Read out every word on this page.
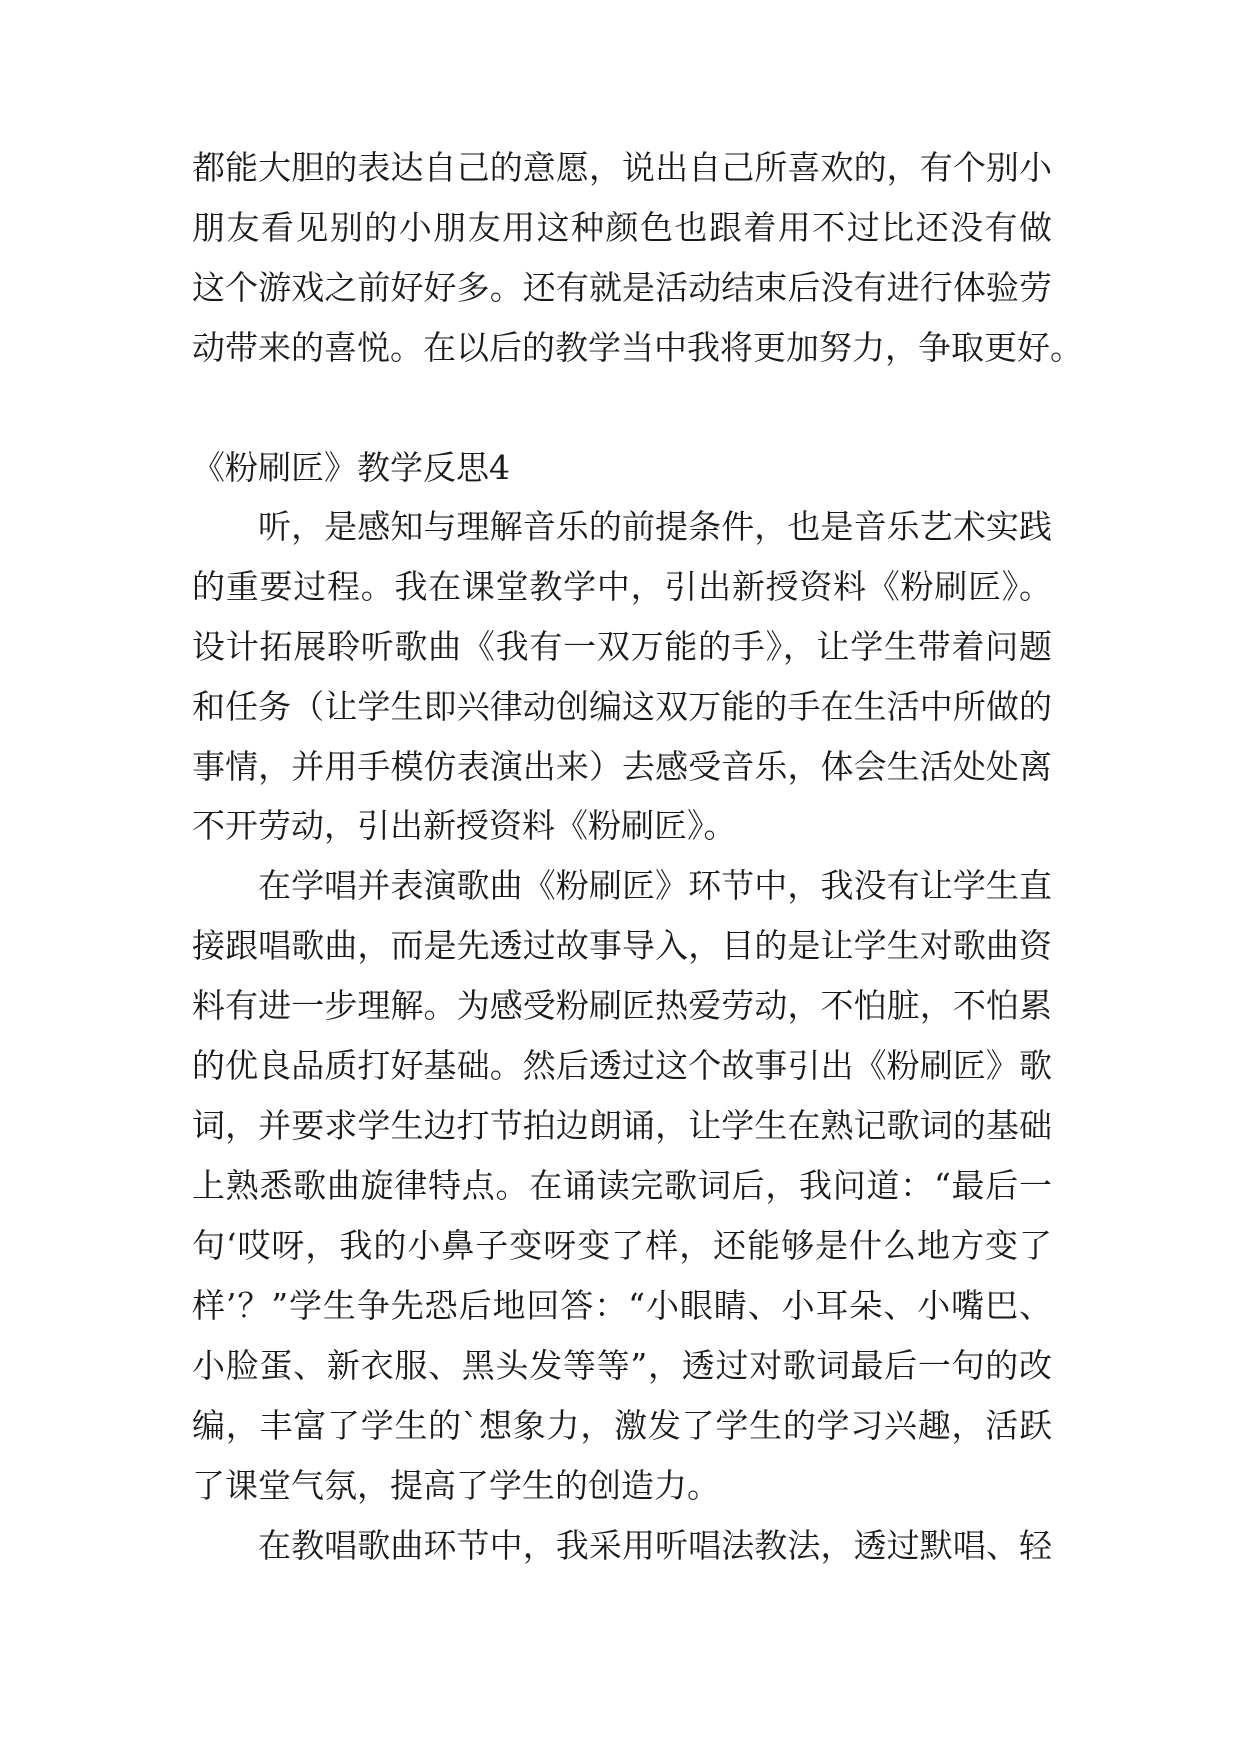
都能大胆的表达自己的意愿，说出自己所喜欢的，有个别小
朋友看见别的小朋友用这种颜色也跟着用不过比还没有做
这个游戏之前好好多。还有就是活动结束后没有进行体验劳
动带来的喜悦。在以后的教学当中我将更加努力，争取更好。
《粉刷匠》教学反思4
听，是感知与理解音乐的前提条件，也是音乐艺术实践
的重要过程。我在课堂教学中，引出新授资料《粉刷匠》。
设计拓展聆听歌曲《我有一双万能的手》，让学生带着问题
和任务（让学生即兴律动创编这双万能的手在生活中所做的
事情，并用手模仿表演出来）去感受音乐，体会生活处处离
不开劳动，引出新授资料《粉刷匠》。
在学唱并表演歌曲《粉刷匠》环节中，我没有让学生直
接跟唱歌曲，而是先透过故事导入，目的是让学生对歌曲资
料有进一步理解。为感受粉刷匠热爱劳动，不怕脏，不怕累
的优良品质打好基础。然后透过这个故事引出《粉刷匠》歌
词，并要求学生边打节拍边朗诵，让学生在熟记歌词的基础
上熟悉歌曲旋律特点。在诵读完歌词后，我问道：“最后一
句‘哎呀，我的小鼻子变呀变了样，还能够是什么地方变了
样’？”学生争先恐后地回答：“小眼睛、小耳朵、小嘴巴、
小脸蛋、新衣服、黑头发等等”，透过对歌词最后一句的改
编，丰富了学生的`想象力，激发了学生的学习兴趣，活跃
了课堂气氛，提高了学生的创造力。
在教唱歌曲环节中，我采用听唱法教法，透过默唱、轻
